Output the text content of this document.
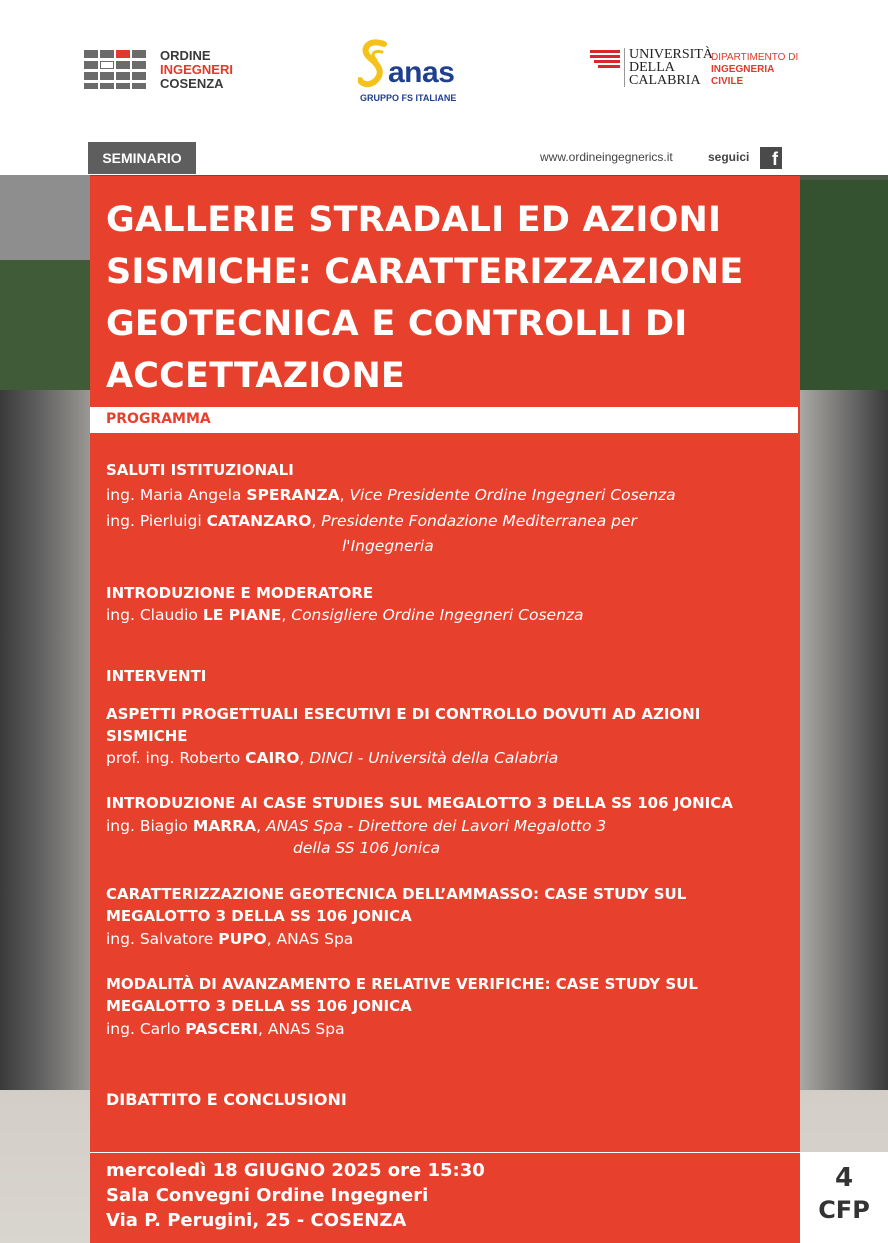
ORDINE
INGEGNERI
COSENZA	anas
GRUPPO FS ITALIANE
UNIVERSITÀ
DELLA
CALABRIA
DIPARTIMENTO DI
INGEGNERIA
CIVILE
SEMINARIO	www.ordineingegnerics.it	seguici	f
GALLERIE STRADALI ED AZIONI
SISMICHE: CARATTERIZZAZIONE
GEOTECNICA E CONTROLLI DI
ACCETTAZIONE
PROGRAMMA
SALUTI ISTITUZIONALI
ing. Maria Angela SPERANZA, Vice Presidente Ordine Ingegneri Cosenza
ing. Pierluigi CATANZARO, Presidente Fondazione Mediterranea per
l'Ingegneria
INTRODUZIONE E MODERATORE
ing. Claudio LE PIANE, Consigliere Ordine Ingegneri Cosenza
INTERVENTI
ASPETTI PROGETTUALI ESECUTIVI E DI CONTROLLO DOVUTI AD AZIONI
SISMICHE
prof. ing. Roberto CAIRO, DINCI - Università della Calabria
INTRODUZIONE AI CASE STUDIES SUL MEGALOTTO 3 DELLA SS 106 JONICA
ing. Biagio MARRA, ANAS Spa - Direttore dei Lavori Megalotto 3
della SS 106 Jonica
CARATTERIZZAZIONE GEOTECNICA DELL’AMMASSO: CASE STUDY SUL
MEGALOTTO 3 DELLA SS 106 JONICA
ing. Salvatore PUPO, ANAS Spa
MODALITÀ DI AVANZAMENTO E RELATIVE VERIFICHE: CASE STUDY SUL
MEGALOTTO 3 DELLA SS 106 JONICA
ing. Carlo PASCERI, ANAS Spa
DIBATTITO E CONCLUSIONI
mercoledì 18 GIUGNO 2025 ore 15:30
Sala Convegni Ordine Ingegneri
Via P. Perugini, 25 - COSENZA
4
CFP
